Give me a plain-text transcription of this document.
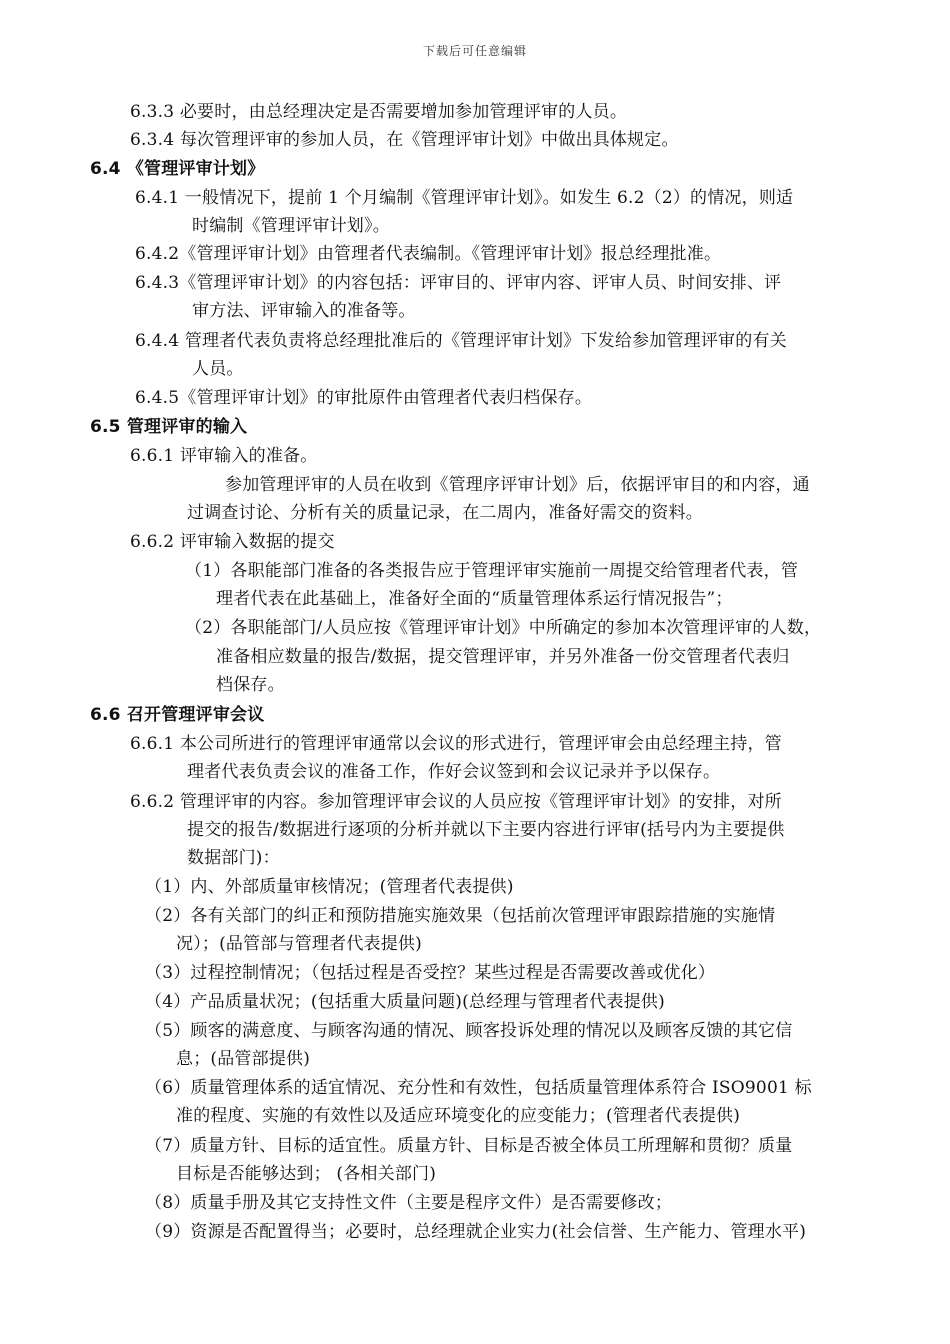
下载后可任意编辑
6.3.3 必要时，由总经理决定是否需要增加参加管理评审的人员。
6.3.4 每次管理评审的参加人员，在《管理评审计划》中做出具体规定。
6.4 《管理评审计划》
6.4.1 一般情况下，提前 1 个月编制《管理评审计划》。如发生 6.2（2）的情况，则适
时编制《管理评审计划》。
6.4.2《管理评审计划》由管理者代表编制。《管理评审计划》报总经理批准。
6.4.3《管理评审计划》的内容包括：评审目的、评审内容、评审人员、时间安排、评
审方法、评审输入的准备等。
6.4.4 管理者代表负责将总经理批准后的《管理评审计划》下发给参加管理评审的有关
人员。
6.4.5《管理评审计划》的审批原件由管理者代表归档保存。
6.5 管理评审的输入
6.6.1 评审输入的准备。
参加管理评审的人员在收到《管理序评审计划》后，依据评审目的和内容，通
过调查讨论、分析有关的质量记录，在二周内，准备好需交的资料。
6.6.2 评审输入数据的提交
（1）各职能部门准备的各类报告应于管理评审实施前一周提交给管理者代表，管
理者代表在此基础上，准备好全面的“质量管理体系运行情况报告”；
（2）各职能部门/人员应按《管理评审计划》中所确定的参加本次管理评审的人数，
准备相应数量的报告/数据，提交管理评审，并另外准备一份交管理者代表归
档保存。
6.6 召开管理评审会议
6.6.1 本公司所进行的管理评审通常以会议的形式进行，管理评审会由总经理主持，管
理者代表负责会议的准备工作，作好会议签到和会议记录并予以保存。
6.6.2 管理评审的内容。参加管理评审会议的人员应按《管理评审计划》的安排，对所
提交的报告/数据进行逐项的分析并就以下主要内容进行评审(括号内为主要提供
数据部门)：
（1）内、外部质量审核情况；(管理者代表提供)
（2）各有关部门的纠正和预防措施实施效果（包括前次管理评审跟踪措施的实施情
况）；(品管部与管理者代表提供)
（3）过程控制情况；（包括过程是否受控？某些过程是否需要改善或优化）
（4）产品质量状况；(包括重大质量问题)(总经理与管理者代表提供)
（5）顾客的满意度、与顾客沟通的情况、顾客投诉处理的情况以及顾客反馈的其它信
息；(品管部提供)
（6）质量管理体系的适宜情况、充分性和有效性，包括质量管理体系符合 ISO9001 标
准的程度、实施的有效性以及适应环境变化的应变能力；(管理者代表提供)
（7）质量方针、目标的适宜性。质量方针、目标是否被全体员工所理解和贯彻？质量
目标是否能够达到； (各相关部门)
（8）质量手册及其它支持性文件（主要是程序文件）是否需要修改；
（9）资源是否配置得当；必要时，总经理就企业实力(社会信誉、生产能力、管理水平)
